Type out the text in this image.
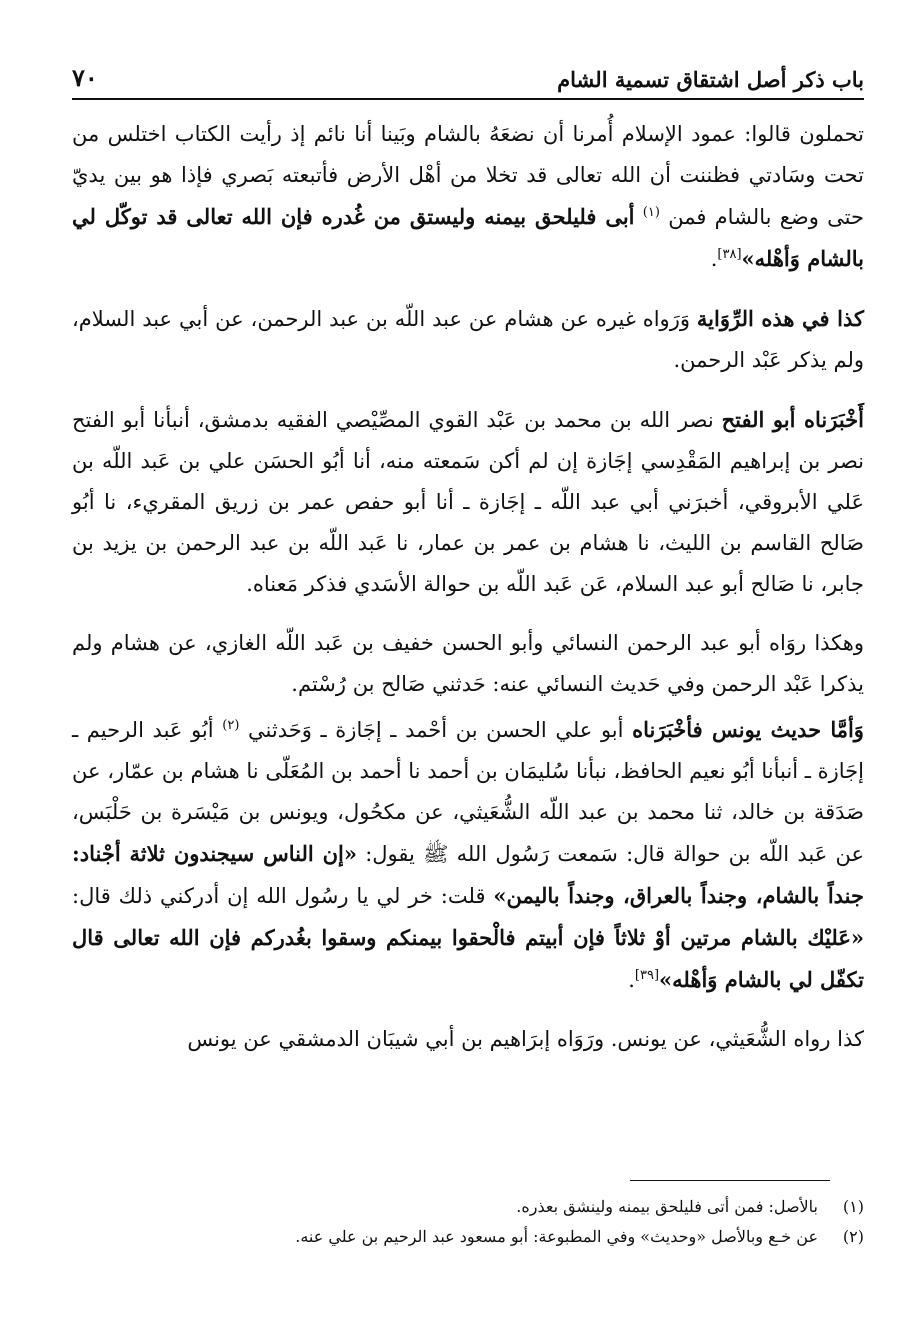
باب ذكر أصل اشتقاق تسمية الشام
٧٠

تحملون قالوا: عمود الإسلام أُمرنا أن نضعَهُ بالشام وبَينا أنا نائم إذ رأيت الكتاب اختلس من تحت وسَادتي فظننت أن الله تعالى قد تخلا من أهْل الأرض فأتبعته بَصري فإذا هو بين يديّ حتى وضع بالشام فمن $^{(١)}$ أبى فليلحق بيمنه وليستق من غُدره فإن الله تعالى قد توكّل لي بالشام وَأهْله»[٣٨].

كذا في هذه الرِّوَاية وَرَواه غيره عن هشام عن عبد اللّه بن عبد الرحمن، عن أبي عبد السلام، ولم يذكر عَبْد الرحمن.

أَخْبَرَناه أبو الفتح نصر الله بن محمد بن عَبْد القوي المصِّيْصي الفقيه بدمشق، أنبأنا أبو الفتح نصر بن إبراهيم المَقْدِسي إجَازة إن لم أكن سَمعته منه، أنا أبُو الحسَن علي بن عَبد اللّه بن عَلي الأبروقي، أخبرَني أبي عبد اللّه ـ إجَازة ـ أنا أبو حفص عمر بن زريق المقريء، نا أبُو صَالح القاسم بن الليث، نا هشام بن عمر بن عمار، نا عَبد اللّه بن عبد الرحمن بن يزيد بن جابر، نا صَالح أبو عبد السلام، عَن عَبد اللّه بن حوالة الأسَدي فذكر مَعناه.

وهكذا روَاه أبو عبد الرحمن النسائي وأبو الحسن خفيف بن عَبد اللّه الغازي، عن هشام ولم يذكرا عَبْد الرحمن وفي حَديث النسائي عنه: حَدثني صَالح بن رُسْتم.

وَأمَّا حديث يونس فأخْبَرَناه أبو علي الحسن بن أحْمد ـ إجَازة ـ وَحَدثني $^{(٢)}$ أبُو عَبد الرحيم ـ إجَازة ـ أنبأنا أبُو نعيم الحافظ، نبأنا سُليمَان بن أحمد نا أحمد بن المُعَلّى نا هشام بن عمّار، عن صَدَقة بن خالد، ثنا محمد بن عبد اللّه الشُّعَيثي، عن مكحُول، ويونس بن مَيْسَرة بن حَلْبَس، عن عَبد اللّه بن حوالة قال: سَمعت رَسُول الله ﷺ يقول: «إن الناس سيجندون ثلاثة أجْناد: جنداً بالشام، وجنداً بالعراق، وجنداً باليمن» قلت: خر لي يا رسُول الله إن أدركني ذلك قال: «عَليْك بالشام مرتين أوْ ثلاثاً فإن أبيتم فالْحقوا بيمنكم وسقوا بغُدركم فإن الله تعالى قال تكفّل لي بالشام وَأهْله»[٣٩].

كذا رواه الشُّعَيثي، عن يونس. ورَوَاه إبرَاهيم بن أبي شيبَان الدمشقي عن يونس

(١)
بالأصل: فمن أتى فليلحق بيمنه ولينشق بعذره.
(٢)
عن خـع وبالأصل «وحديث» وفي المطبوعة: أبو مسعود عبد الرحيم بن علي عنه.
